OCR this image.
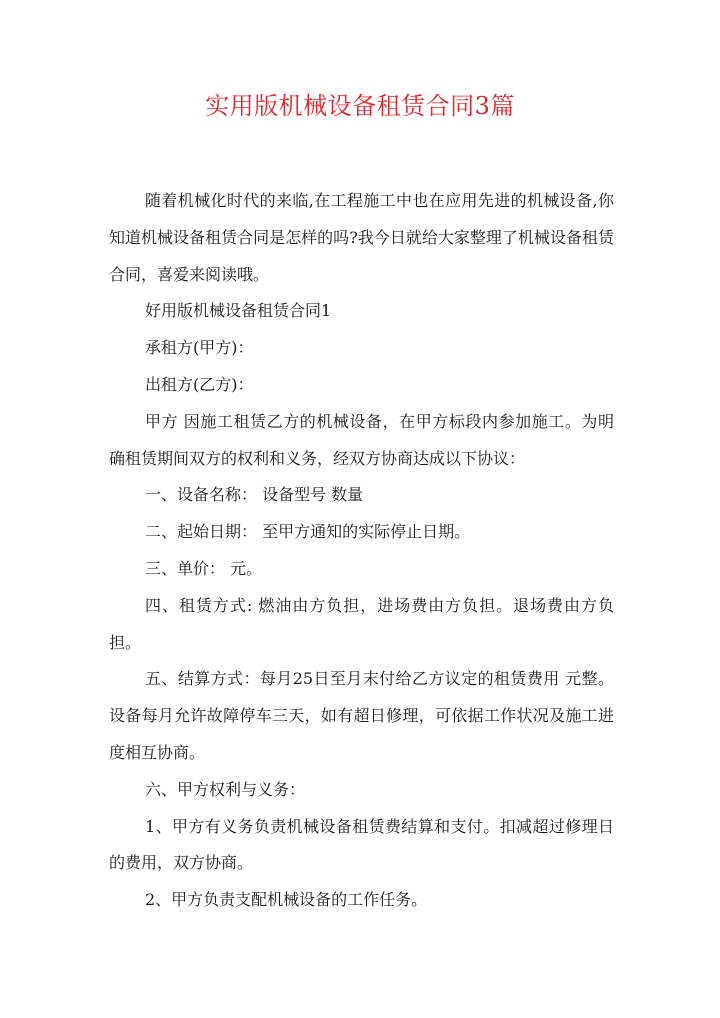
实用版机械设备租赁合同3篇

随着机械化时代的来临,在工程施工中也在应用先进的机械设备,你知道机械设备租赁合同是怎样的吗?我今日就给大家整理了机械设备租赁合同，喜爱来阅读哦。

好用版机械设备租赁合同1

承租方(甲方)：

出租方(乙方)：

甲方 因施工租赁乙方的机械设备，在甲方标段内参加施工。为明确租赁期间双方的权利和义务，经双方协商达成以下协议：

一、设备名称： 设备型号 数量

二、起始日期： 至甲方通知的实际停止日期。

三、单价： 元。

四、租赁方式: 燃油由方负担，进场费由方负担。退场费由方负担。

五、结算方式：每月25日至月末付给乙方议定的租赁费用 元整。设备每月允许故障停车三天，如有超日修理，可依据工作状况及施工进度相互协商。

六、甲方权利与义务：

1、甲方有义务负责机械设备租赁费结算和支付。扣减超过修理日的费用，双方协商。

2、甲方负责支配机械设备的工作任务。
